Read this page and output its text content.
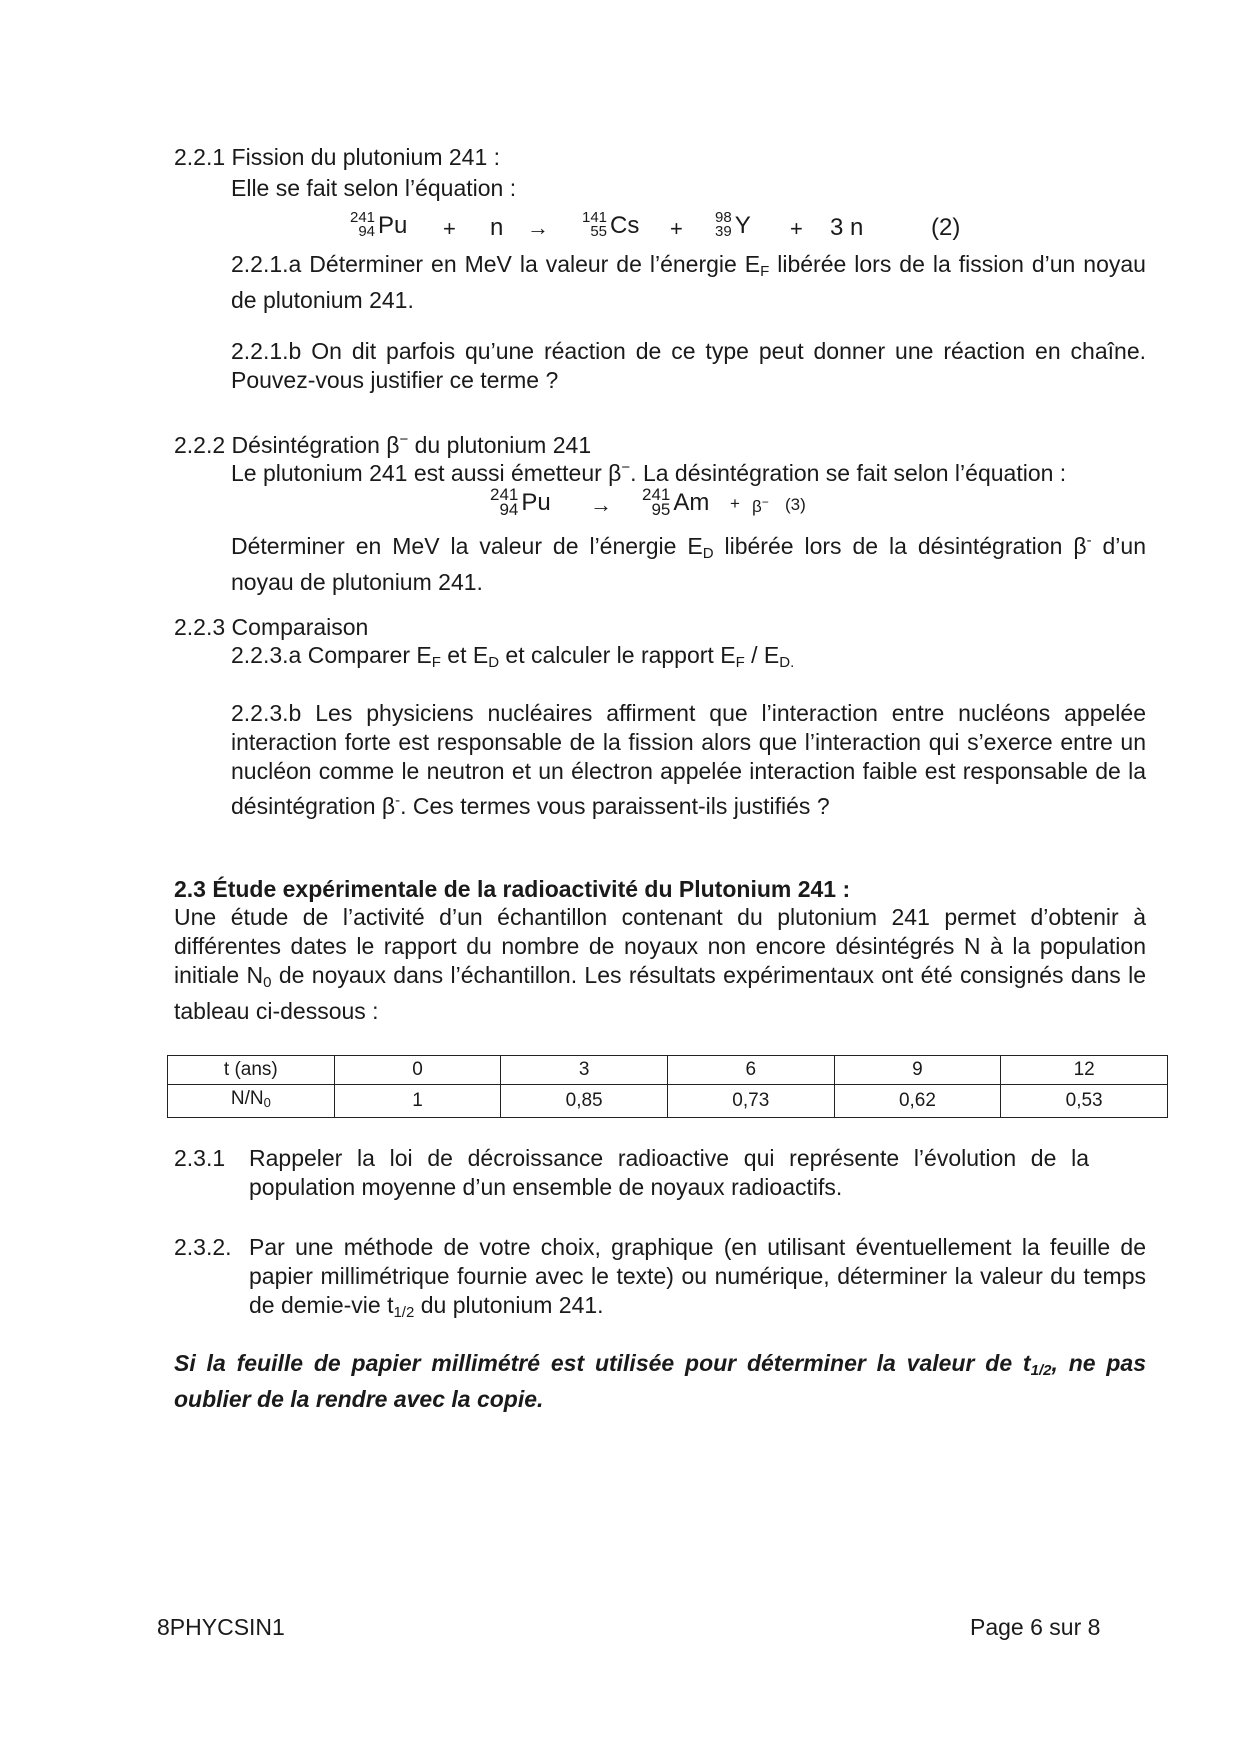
2.2.1 Fission du plutonium 241 :
Elle se fait selon l’équation :
241
94 Pu + n → 141
55 Cs + 98
39 Y + 3 n	(2)
2.2.1.a Déterminer en MeV la valeur de l’énergie $E_F$ libérée lors de la fission d’un noyau de plutonium 241.
2.2.1.b On dit parfois qu’une réaction de ce type peut donner une réaction en chaîne. Pouvez-vous justifier ce terme ?
2.2.2 Désintégration β− du plutonium 241
Le plutonium 241 est aussi émetteur β−. La désintégration se fait selon l’équation :
241
94 Pu → 241
95 Am + β− (3)
Déterminer en MeV la valeur de l’énergie $E_D$ libérée lors de la désintégration β- d’un noyau de plutonium 241.
2.2.3 Comparaison
2.2.3.a Comparer $E_F$ et $E_D$ et calculer le rapport $E_F / E_{D.}$
2.2.3.b Les physiciens nucléaires affirment que l’interaction entre nucléons appelée interaction forte est responsable de la fission alors que l’interaction qui s’exerce entre un nucléon comme le neutron et un électron appelée interaction faible est responsable de la désintégration β-. Ces termes vous paraissent-ils justifiés ?
2.3 Étude expérimentale de la radioactivité du Plutonium 241 :
Une étude de l’activité d’un échantillon contenant du plutonium 241 permet d’obtenir à différentes dates le rapport du nombre de noyaux non encore désintégrés N à la population initiale $N_0$ de noyaux dans l’échantillon. Les résultats expérimentaux ont été consignés dans le tableau ci-dessous :
t (ans)	0	3	6	9	12
N/N0	1	0,85	0,73	0,62	0,53
2.3.1 Rappeler la loi de décroissance radioactive qui représente l’évolution de la population moyenne d’un ensemble de noyaux radioactifs.
2.3.2. Par une méthode de votre choix, graphique (en utilisant éventuellement la feuille de papier millimétrique fournie avec le texte) ou numérique, déterminer la valeur du temps de demie-vie $t_{1/2}$ du plutonium 241.
Si la feuille de papier millimétré est utilisée pour déterminer la valeur de $t_{1/2}$, ne pas oublier de la rendre avec la copie.
8PHYCSIN1	Page 6 sur 8
